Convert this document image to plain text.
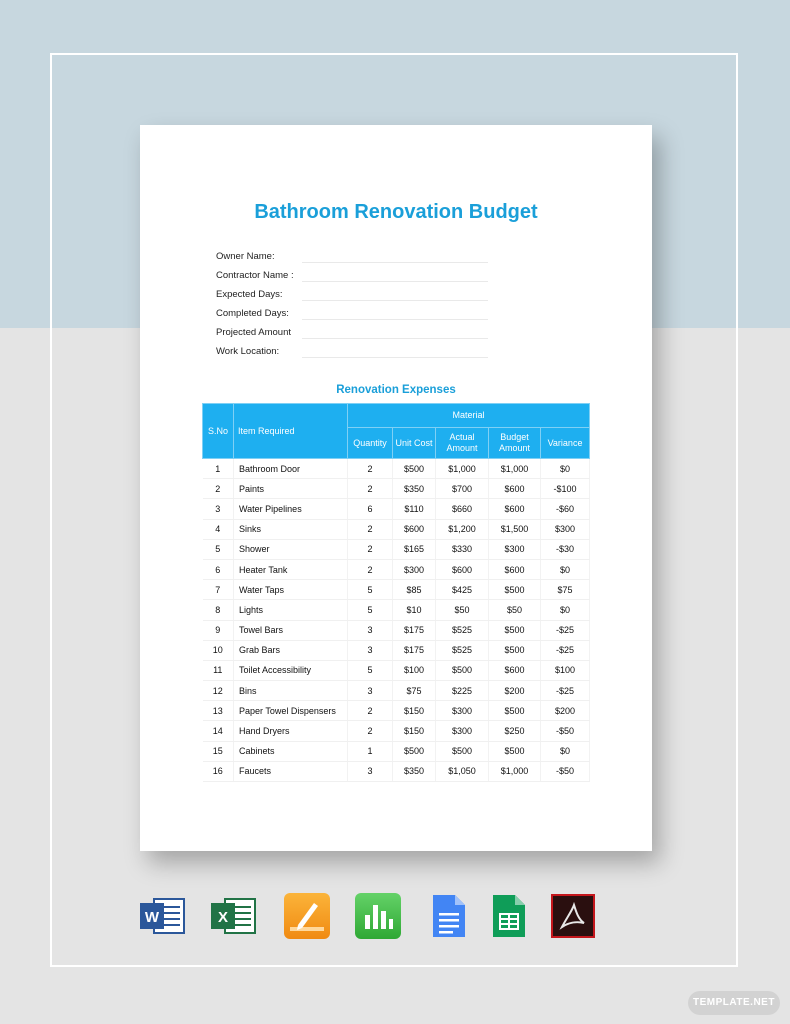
Bathroom Renovation Budget
Owner Name:
Contractor Name :
Expected Days:
Completed Days:
Projected Amount
Work Location:
Renovation Expenses
S.No	Item Required	Material				
		Quantity	Unit Cost	Actual Amount	Budget Amount	Variance
1	Bathroom Door	2	$500	$1,000	$1,000	$0
2	Paints	2	$350	$700	$600	-$100
3	Water Pipelines	6	$110	$660	$600	-$60
4	Sinks	2	$600	$1,200	$1,500	$300
5	Shower	2	$165	$330	$300	-$30
6	Heater Tank	2	$300	$600	$600	$0
7	Water Taps	5	$85	$425	$500	$75
8	Lights	5	$10	$50	$50	$0
9	Towel Bars	3	$175	$525	$500	-$25
10	Grab Bars	3	$175	$525	$500	-$25
11	Toilet Accessibility	5	$100	$500	$600	$100
12	Bins	3	$75	$225	$200	-$25
13	Paper Towel Dispensers	2	$150	$300	$500	$200
14	Hand Dryers	2	$150	$300	$250	-$50
15	Cabinets	1	$500	$500	$500	$0
16	Faucets	3	$350	$1,050	$1,000	-$50
W	X
TEMPLATE.NET
